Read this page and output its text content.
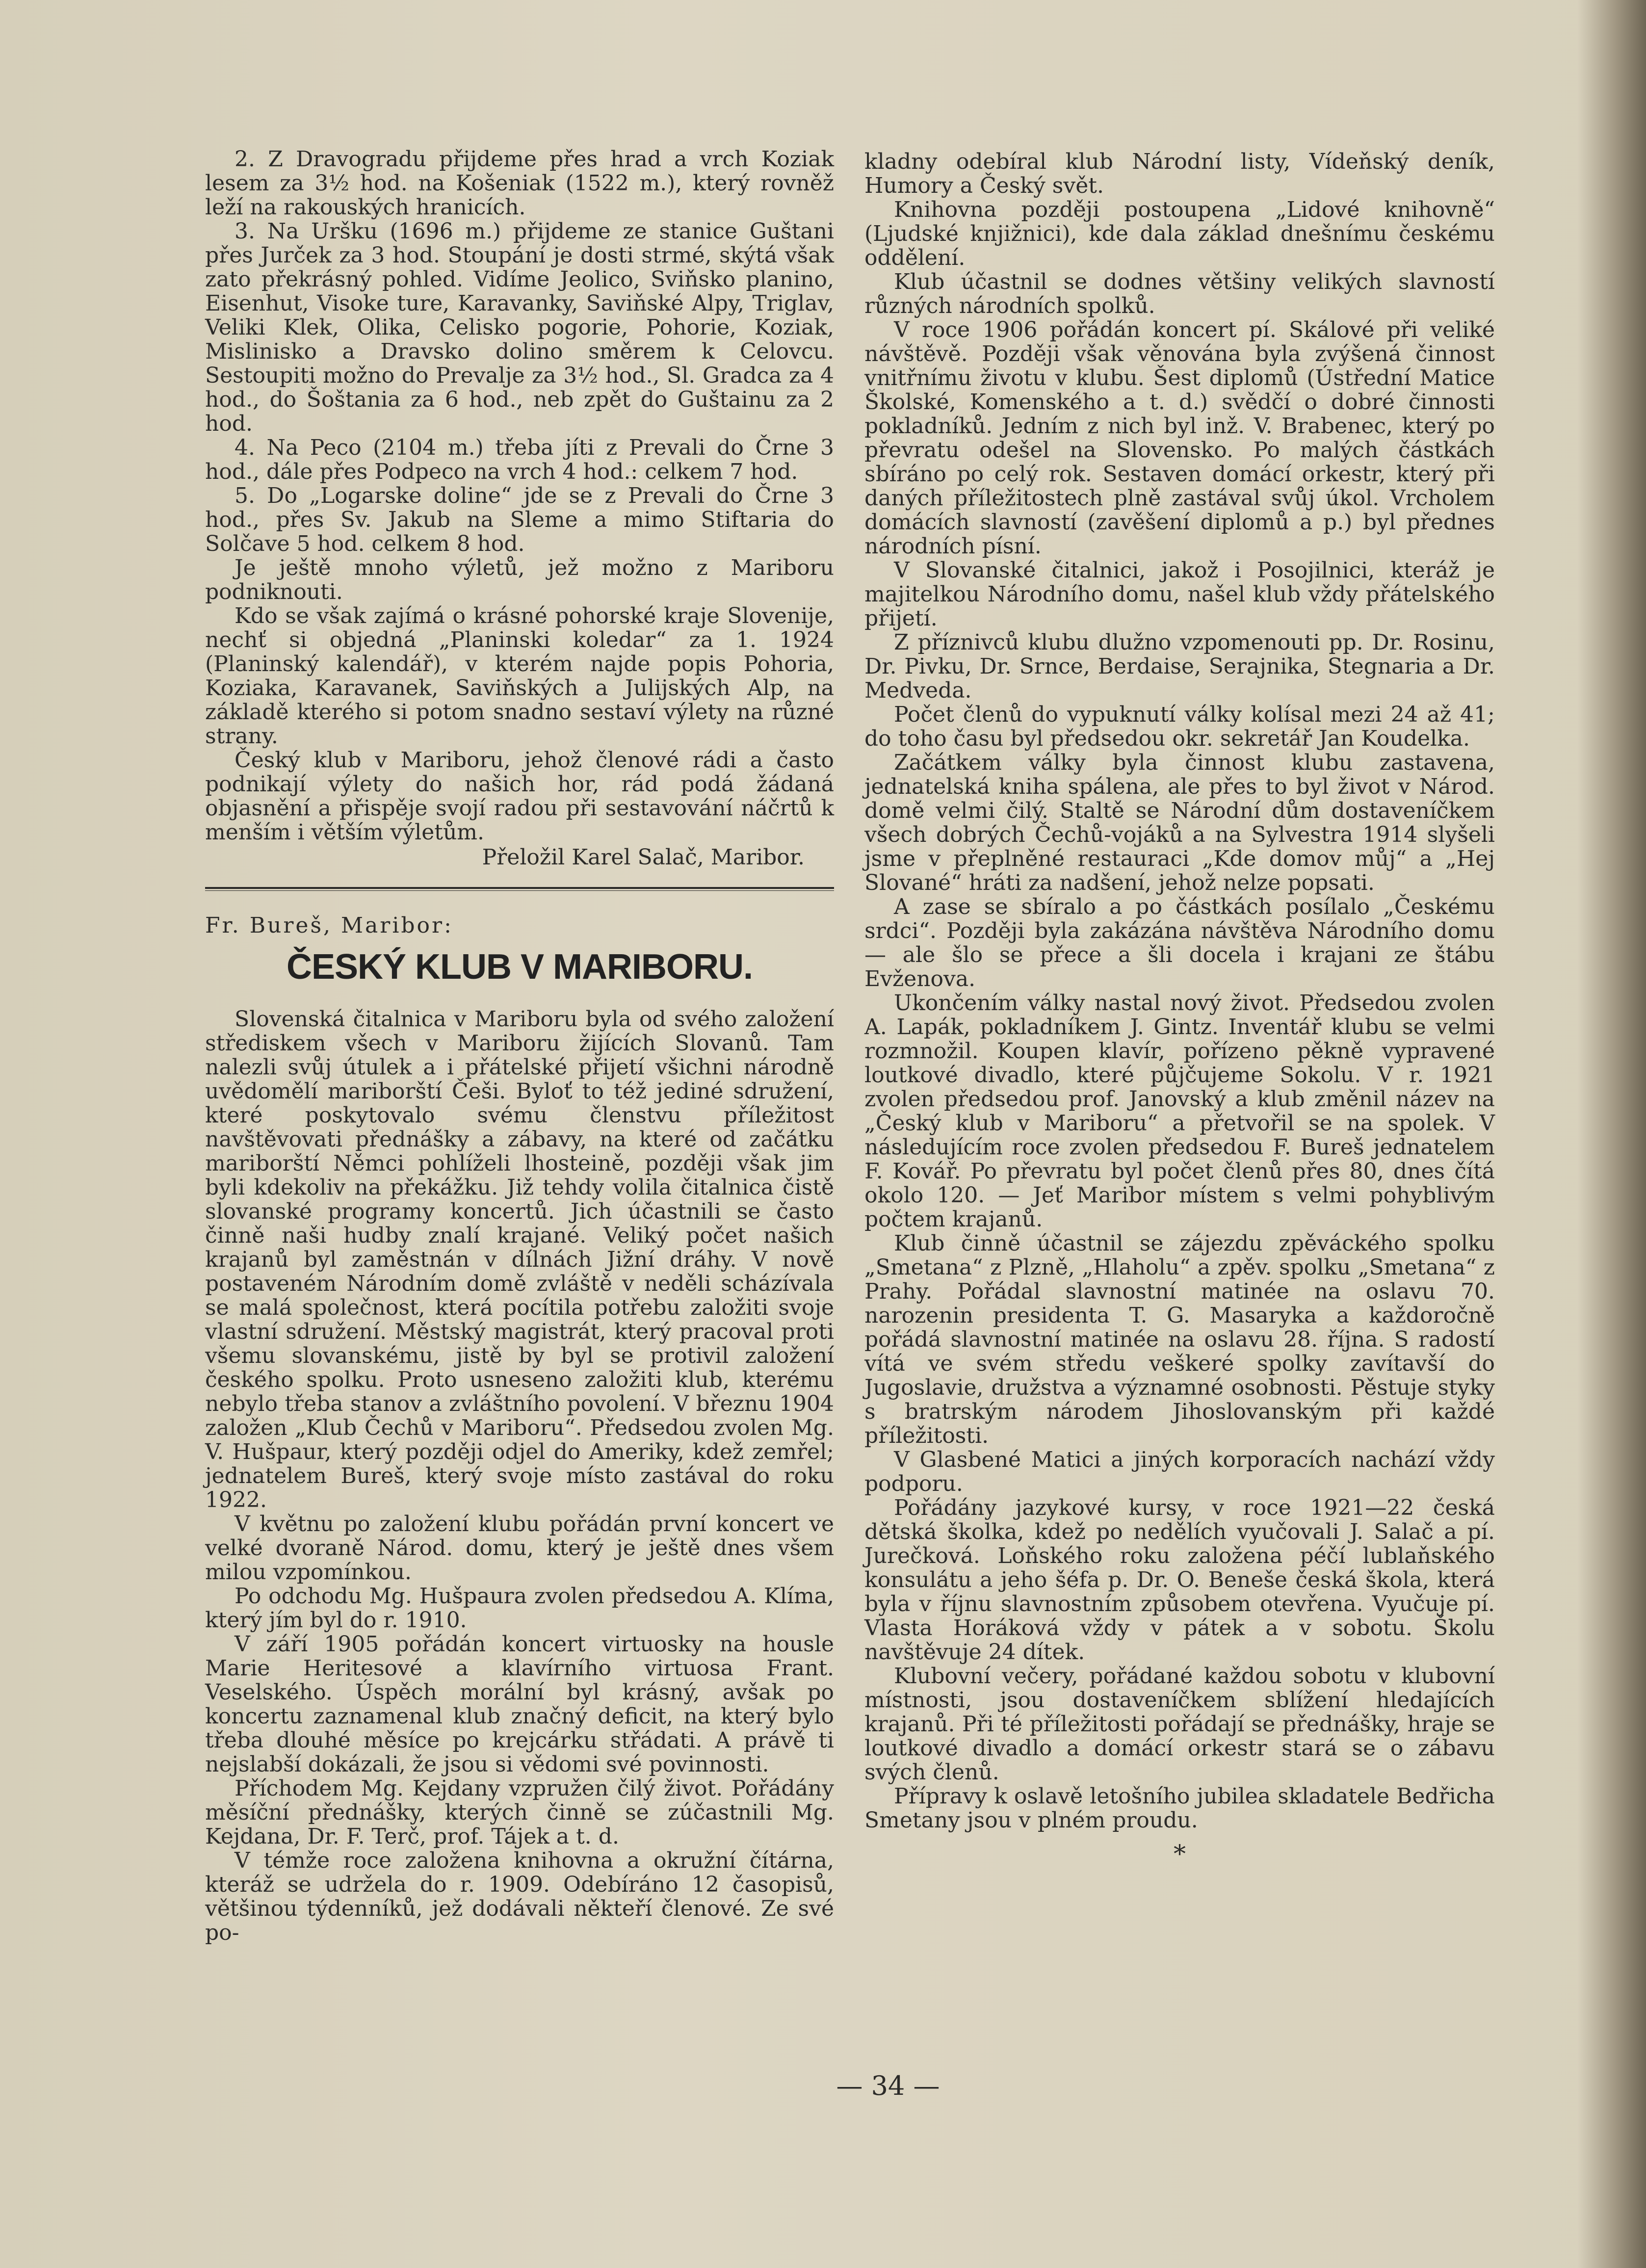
2. Z Dravogradu přijdeme přes hrad a vrch Koziak lesem za 3½ hod. na Košeniak (1522 m.), který rovněž leží na rakouských hranicích.

3. Na Uršku (1696 m.) přijdeme ze stanice Guštani přes Jurček za 3 hod. Stoupání je dosti strmé, skýtá však zato překrásný pohled. Vidíme Jeolico, Sviňsko planino, Eisenhut, Visoke ture, Karavanky, Saviňské Alpy, Triglav, Veliki Klek, Olika, Celisko pogorie, Pohorie, Koziak, Mislinisko a Dravsko dolino směrem k Celovcu. Sestoupiti možno do Prevalje za 3½ hod., Sl. Gradca za 4 hod., do Šoštania za 6 hod., neb zpět do Guštainu za 2 hod.

4. Na Peco (2104 m.) třeba jíti z Prevali do Črne 3 hod., dále přes Podpeco na vrch 4 hod.: celkem 7 hod.

5. Do „Logarske doline“ jde se z Prevali do Črne 3 hod., přes Sv. Jakub na Sleme a mimo Stiftaria do Solčave 5 hod. celkem 8 hod.

Je ještě mnoho výletů, jež možno z Mariboru podniknouti.

Kdo se však zajímá o krásné pohorské kraje Slovenije, nechť si objedná „Planinski koledar“ za 1. 1924 (Planinský kalendář), v kterém najde popis Pohoria, Koziaka, Karavanek, Saviňských a Julijských Alp, na základě kterého si potom snadno sestaví výlety na různé strany.

Český klub v Mariboru, jehož členové rádi a často podnikají výlety do našich hor, rád podá žádaná objasnění a přispěje svojí radou při sestavování náčrtů k menším i větším výletům.

Přeložil Karel Salač, Maribor.

Fr. Bureš, Maribor:

ČESKÝ KLUB V MARIBORU.

Slovenská čitalnica v Mariboru byla od svého založení střediskem všech v Mariboru žijících Slovanů. Tam nalezli svůj útulek a i přátelské přijetí všichni národně uvědomělí mariborští Češi. Byloť to též jediné sdružení, které poskytovalo svému členstvu příležitost navštěvovati přednášky a zábavy, na které od začátku mariborští Němci pohlíželi lhosteině, později však jim byli kdekoliv na překážku. Již tehdy volila čitalnica čistě slovanské programy koncertů. Jich účastnili se často činně naši hudby znalí krajané. Veliký počet našich krajanů byl zaměstnán v dílnách Jižní dráhy. V nově postaveném Národním domě zvláště v neděli scházívala se malá společnost, která pocítila potřebu založiti svoje vlastní sdružení. Městský magistrát, který pracoval proti všemu slovanskému, jistě by byl se protivil založení českého spolku. Proto usneseno založiti klub, kterému nebylo třeba stanov a zvláštního povolení. V březnu 1904 založen „Klub Čechů v Mariboru“. Předsedou zvolen Mg. V. Hušpaur, který později odjel do Ameriky, kdež zemřel; jednatelem Bureš, který svoje místo zastával do roku 1922.

V květnu po založení klubu pořádán první koncert ve velké dvoraně Národ. domu, který je ještě dnes všem milou vzpomínkou.

Po odchodu Mg. Hušpaura zvolen předsedou A. Klíma, který jím byl do r. 1910.

V září 1905 pořádán koncert virtuosky na housle Marie Heritesové a klavírního virtuosa Frant. Veselského. Úspěch morální byl krásný, avšak po koncertu zaznamenal klub značný deficit, na který bylo třeba dlouhé měsíce po krejcárku střádati. A právě ti nejslabší dokázali, že jsou si vědomi své povinnosti.

Příchodem Mg. Kejdany vzpružen čilý život. Pořádány měsíční přednášky, kterých činně se zúčastnili Mg. Kejdana, Dr. F. Terč, prof. Tájek a t. d.

V témže roce založena knihovna a okružní čítárna, kteráž se udržela do r. 1909. Odebíráno 12 časopisů, většinou týdenníků, jež dodávali někteří členové. Ze své po-

kladny odebíral klub Národní listy, Vídeňský deník, Humory a Český svět.

Knihovna později postoupena „Lidové knihovně“ (Ljudské knjižnici), kde dala základ dnešnímu českému oddělení.

Klub účastnil se dodnes většiny velikých slavností různých národních spolků.

V roce 1906 pořádán koncert pí. Skálové při veliké návštěvě. Později však věnována byla zvýšená činnost vnitřnímu životu v klubu. Šest diplomů (Ústřední Matice Školské, Komenského a t. d.) svědčí o dobré činnosti pokladníků. Jedním z nich byl inž. V. Brabenec, který po převratu odešel na Slovensko. Po malých částkách sbíráno po celý rok. Sestaven domácí orkestr, který při daných příležitostech plně zastával svůj úkol. Vrcholem domácích slavností (zavěšení diplomů a p.) byl přednes národních písní.

V Slovanské čitalnici, jakož i Posojilnici, kteráž je majitelkou Národního domu, našel klub vždy přátelského přijetí.

Z příznivců klubu dlužno vzpomenouti pp. Dr. Rosinu, Dr. Pivku, Dr. Srnce, Berdaise, Serajnika, Stegnaria a Dr. Medveda.

Počet členů do vypuknutí války kolísal mezi 24 až 41; do toho času byl předsedou okr. sekretář Jan Koudelka.

Začátkem války byla činnost klubu zastavena, jednatelská kniha spálena, ale přes to byl život v Národ. domě velmi čilý. Staltě se Národní dům dostaveníčkem všech dobrých Čechů-vojáků a na Sylvestra 1914 slyšeli jsme v přeplněné restauraci „Kde domov můj“ a „Hej Slované“ hráti za nadšení, jehož nelze popsati.

A zase se sbíralo a po částkách posílalo „Českému srdci“. Později byla zakázána návštěva Národního domu — ale šlo se přece a šli docela i krajani ze štábu Evženova.

Ukončením války nastal nový život. Předsedou zvolen A. Lapák, pokladníkem J. Gintz. Inventář klubu se velmi rozmnožil. Koupen klavír, pořízeno pěkně vypravené loutkové divadlo, které půjčujeme Sokolu. V r. 1921 zvolen předsedou prof. Janovský a klub změnil název na „Český klub v Mariboru“ a přetvořil se na spolek. V následujícím roce zvolen předsedou F. Bureš jednatelem F. Kovář. Po převratu byl počet členů přes 80, dnes čítá okolo 120. — Jeť Maribor místem s velmi pohyblivým počtem krajanů.

Klub činně účastnil se zájezdu zpěváckého spolku „Smetana“ z Plzně, „Hlaholu“ a zpěv. spolku „Smetana“ z Prahy. Pořádal slavnostní matinée na oslavu 70. narozenin presidenta T. G. Masaryka a každoročně pořádá slavnostní matinée na oslavu 28. října. S radostí vítá ve svém středu veškeré spolky zavítavší do Jugoslavie, družstva a významné osobnosti. Pěstuje styky s bratrským národem Jihoslovanským při každé příležitosti.

V Glasbené Matici a jiných korporacích nachází vždy podporu.

Pořádány jazykové kursy, v roce 1921—22 česká dětská školka, kdež po nedělích vyučovali J. Salač a pí. Jurečková. Loňského roku založena péčí lublaňského konsulátu a jeho šéfa p. Dr. O. Beneše česká škola, která byla v říjnu slavnostním způsobem otevřena. Vyučuje pí. Vlasta Horáková vždy v pátek a v sobotu. Školu navštěvuje 24 dítek.

Klubovní večery, pořádané každou sobotu v klubovní místnosti, jsou dostaveníčkem sblížení hledajících krajanů. Při té příležitosti pořádají se přednášky, hraje se loutkové divadlo a domácí orkestr stará se o zábavu svých členů.

Přípravy k oslavě letošního jubilea skladatele Bedřicha Smetany jsou v plném proudu.

*

— 34 —
